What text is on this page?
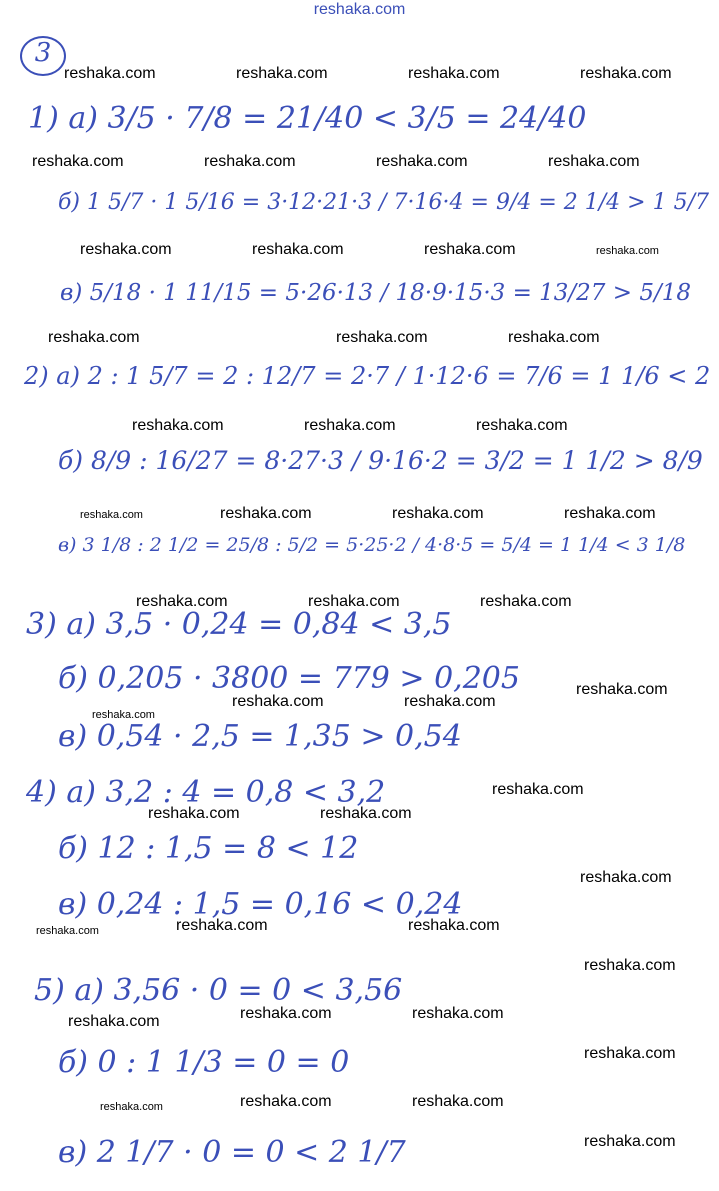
reshaka.com
3
1) а) 3/5 · 7/8 = 21/40 < 3/5 = 24/40
б) 1 5/7 · 1 5/16 = 3·12·21·3 / 7·16·4 = 9/4 = 2 1/4 > 1 5/7
в) 5/18 · 1 11/15 = 5·26·13 / 18·9·15·3 = 13/27 > 5/18
2) а) 2 : 1 5/7 = 2 : 12/7 = 2·7 / 1·12·6 = 7/6 = 1 1/6 < 2
б) 8/9 : 16/27 = 8·27·3 / 9·16·2 = 3/2 = 1 1/2 > 8/9
в) 3 1/8 : 2 1/2 = 25/8 : 5/2 = 5·25·2 / 4·8·5 = 5/4 = 1 1/4 < 3 1/8
3) а) 3,5 · 0,24 = 0,84 < 3,5
б) 0,205 · 3800 = 779 > 0,205
в) 0,54 · 2,5 = 1,35 > 0,54
4) а) 3,2 : 4 = 0,8 < 3,2
б) 12 : 1,5 = 8 < 12
в) 0,24 : 1,5 = 0,16 < 0,24
5) а) 3,56 · 0 = 0 < 3,56
б) 0 : 1 1/3 = 0 = 0
в) 2 1/7 · 0 = 0 < 2 1/7
reshaka.com	reshaka.com	reshaka.com	reshaka.com
reshaka.com	reshaka.com	reshaka.com	reshaka.com
reshaka.com	reshaka.com	reshaka.com	reshaka.com
reshaka.com	reshaka.com	reshaka.com
reshaka.com	reshaka.com	reshaka.com
reshaka.com	reshaka.com	reshaka.com	reshaka.com
reshaka.com	reshaka.com	reshaka.com
reshaka.com
reshaka.com	reshaka.com
reshaka.com
reshaka.com
reshaka.com	reshaka.com
reshaka.com
reshaka.com	reshaka.com
reshaka.com
reshaka.com
reshaka.com	reshaka.com
reshaka.com
reshaka.com
reshaka.com	reshaka.com
reshaka.com
reshaka.com
